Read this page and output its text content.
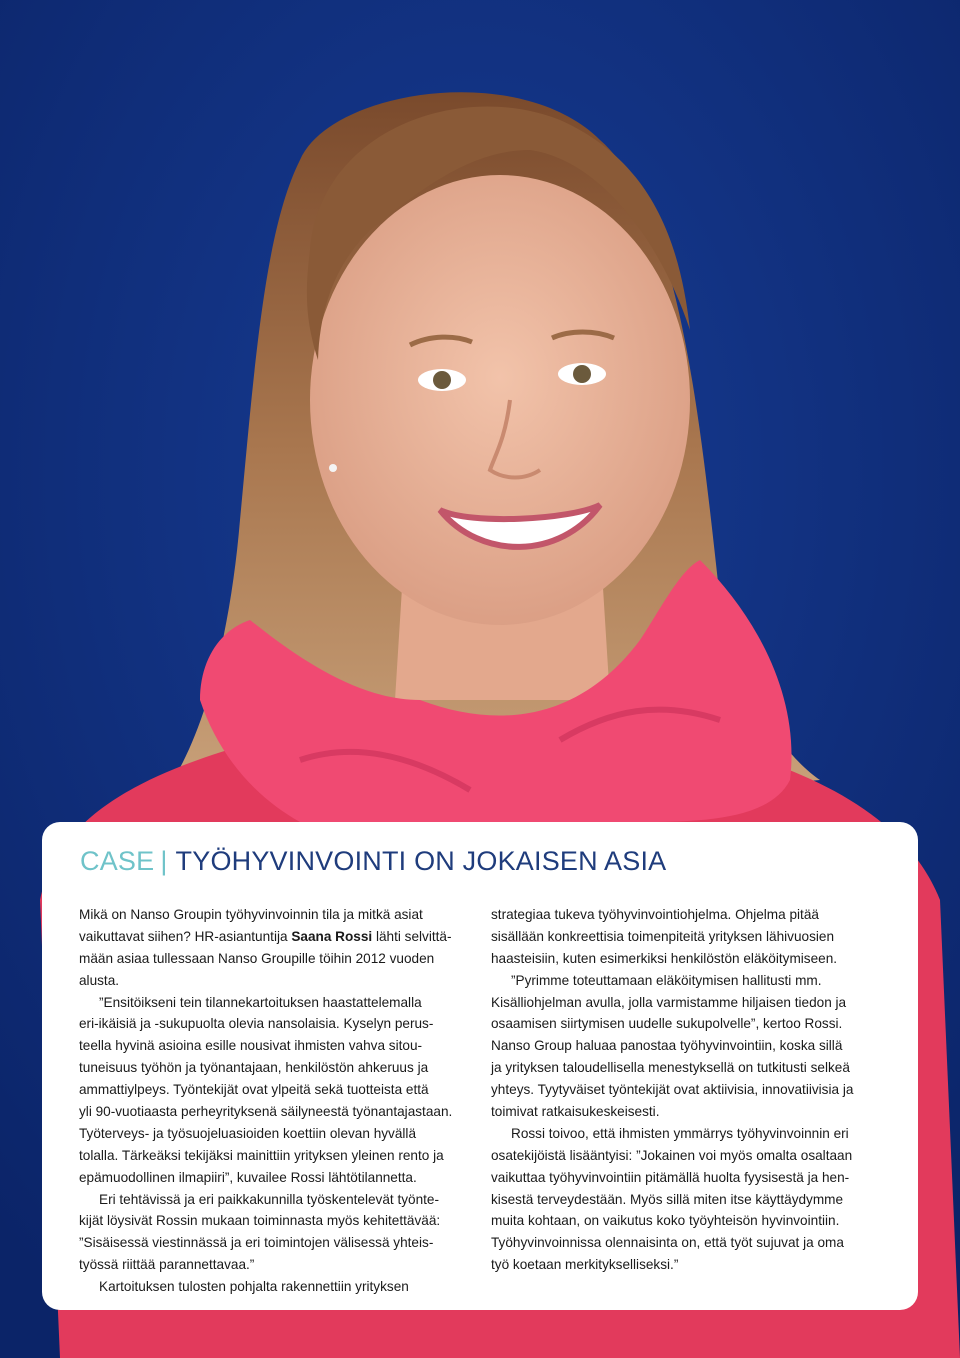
CASE | TYÖHYVINVOINTI ON JOKAISEN ASIA
Mikä on Nanso Groupin työhyvinvoinnin tila ja mitkä asiat
vaikuttavat siihen? HR-asiantuntija Saana Rossi lähti selvittä-
mään asiaa tullessaan Nanso Groupille töihin 2012 vuoden
alusta.
”Ensitöikseni tein tilannekartoituksen haastattelemalla
eri-ikäisiä ja -sukupuolta olevia nansolaisia. Kyselyn perus-
teella hyvinä asioina esille nousivat ihmisten vahva sitou-
tuneisuus työhön ja työnantajaan, henkilöstön ahkeruus ja
ammattiylpeys. Työntekijät ovat ylpeitä sekä tuotteista että
yli 90-vuotiaasta perheyrityksenä säilyneestä työnantajastaan.
Työterveys- ja työsuojeluasioiden koettiin olevan hyvällä
tolalla. Tärkeäksi tekijäksi mainittiin yrityksen yleinen rento ja
epämuodollinen ilmapiiri”, kuvailee Rossi lähtötilannetta.
Eri tehtävissä ja eri paikkakunnilla työskentelevät työnte-
kijät löysivät Rossin mukaan toiminnasta myös kehitettävää:
”Sisäisessä viestinnässä ja eri toimintojen välisessä yhteis-
työssä riittää parannettavaa.”
Kartoituksen tulosten pohjalta rakennettiin yrityksen
strategiaa tukeva työhyvinvointiohjelma. Ohjelma pitää
sisällään konkreettisia toimenpiteitä yrityksen lähivuosien
haasteisiin, kuten esimerkiksi henkilöstön eläköitymiseen.
”Pyrimme toteuttamaan eläköitymisen hallitusti mm.
Kisälliohjelman avulla, jolla varmistamme hiljaisen tiedon ja
osaamisen siirtymisen uudelle sukupolvelle”, kertoo Rossi.
Nanso Group haluaa panostaa työhyvinvointiin, koska sillä
ja yrityksen taloudellisella menestyksellä on tutkitusti selkeä
yhteys. Tyytyväiset työntekijät ovat aktiivisia, innovatiivisia ja
toimivat ratkaisukeskeisesti.
Rossi toivoo, että ihmisten ymmärrys työhyvinvoinnin eri
osatekijöistä lisääntyisi: ”Jokainen voi myös omalta osaltaan
vaikuttaa työhyvinvointiin pitämällä huolta fyysisestä ja hen-
kisestä terveydestään. Myös sillä miten itse käyttäydymme
muita kohtaan, on vaikutus koko työyhteisön hyvinvointiin.
Työhyvinvoinnissa olennaisinta on, että työt sujuvat ja oma
työ koetaan merkitykselliseksi.”
